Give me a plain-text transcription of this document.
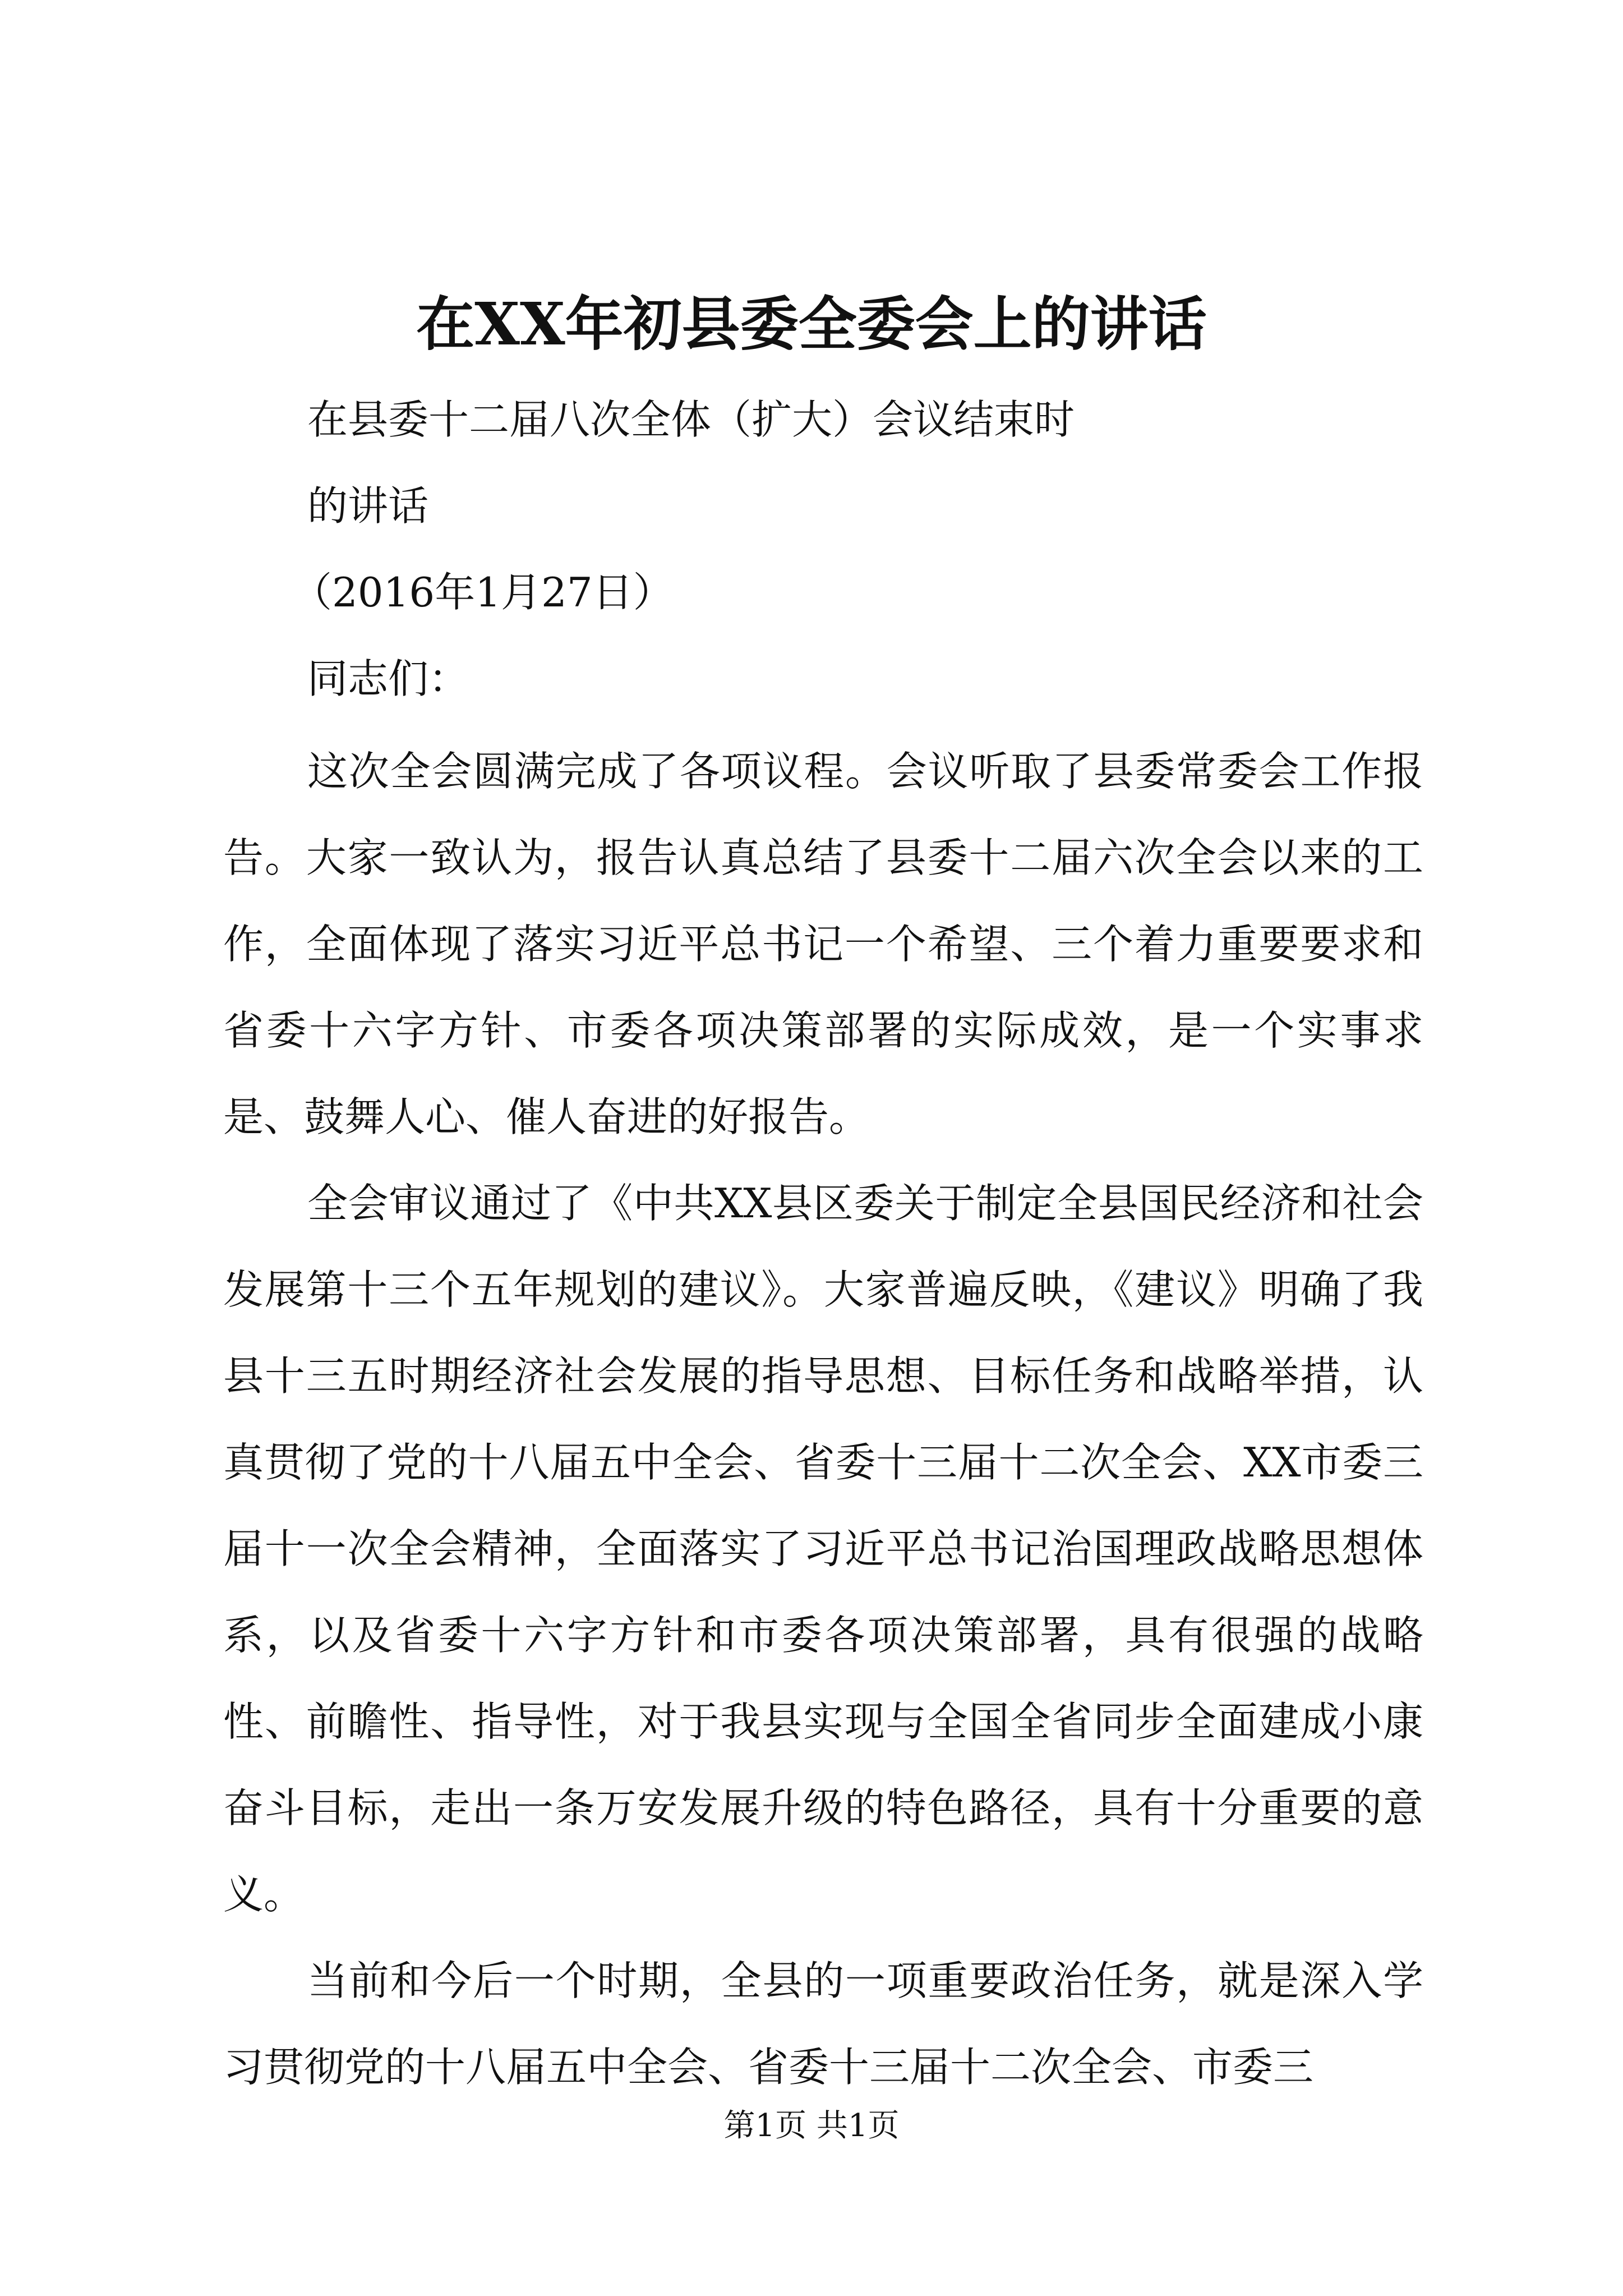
在XX年初县委全委会上的讲话
在县委十二届八次全体（扩大）会议结束时
的讲话
（2016年1月27日）
同志们：

这次全会圆满完成了各项议程。会议听取了县委常委会工作报告。大家一致认为，报告认真总结了县委十二届六次全会以来的工作，全面体现了落实习近平总书记一个希望、三个着力重要要求和省委十六字方针、市委各项决策部署的实际成效，是一个实事求是、鼓舞人心、催人奋进的好报告。

全会审议通过了《中共XX县区委关于制定全县国民经济和社会发展第十三个五年规划的建议》。大家普遍反映，《建议》明确了我县十三五时期经济社会发展的指导思想、目标任务和战略举措，认真贯彻了党的十八届五中全会、省委十三届十二次全会、XX市委三届十一次全会精神，全面落实了习近平总书记治国理政战略思想体系，以及省委十六字方针和市委各项决策部署，具有很强的战略性、前瞻性、指导性，对于我县实现与全国全省同步全面建成小康奋斗目标，走出一条万安发展升级的特色路径，具有十分重要的意义。

当前和今后一个时期，全县的一项重要政治任务，就是深入学习贯彻党的十八届五中全会、省委十三届十二次全会、市委三

第1页 共1页
